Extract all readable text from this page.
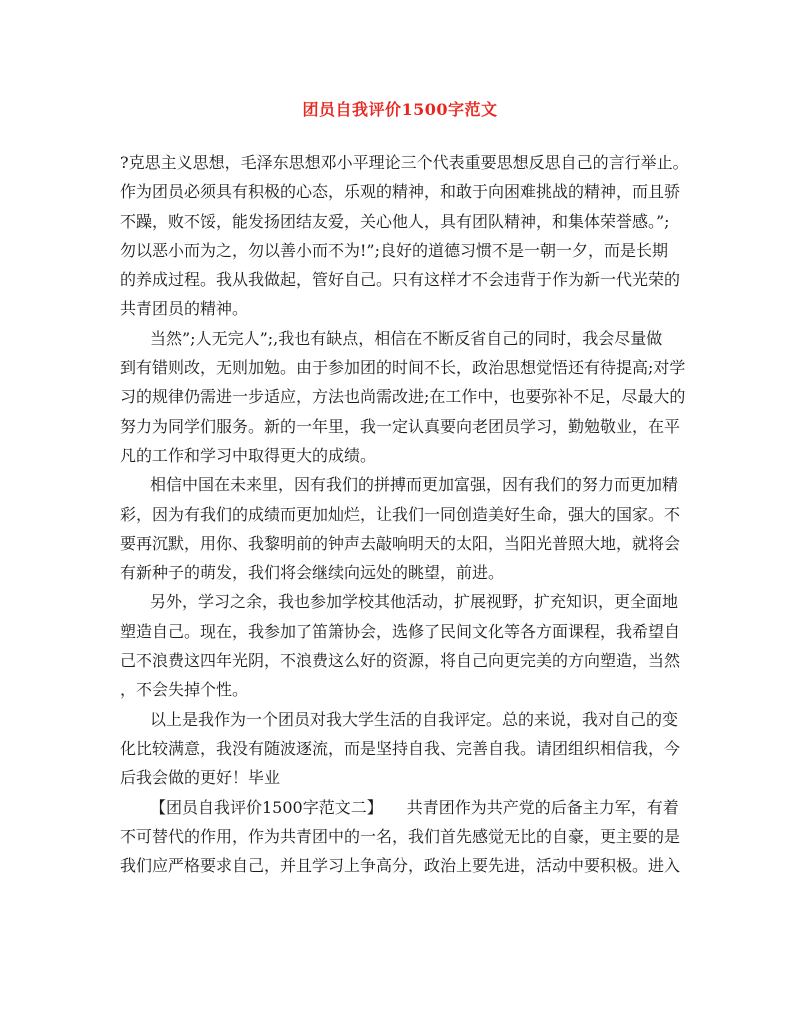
团员自我评价1500字范文
?克思主义思想，毛泽东思想邓小平理论三个代表重要思想反思自己的言行举止。
作为团员必须具有积极的心态，乐观的精神，和敢于向困难挑战的精神，而且骄
不躁，败不馁，能发扬团结友爱，关心他人，具有团队精神，和集体荣誉感。”;
勿以恶小而为之，勿以善小而不为!”;良好的道德习惯不是一朝一夕，而是长期
的养成过程。我从我做起，管好自己。只有这样才不会违背于作为新一代光荣的
共青团员的精神。
当然”;人无完人”;,我也有缺点，相信在不断反省自己的同时，我会尽量做
到有错则改，无则加勉。由于参加团的时间不长，政治思想觉悟还有待提高;对学
习的规律仍需进一步适应，方法也尚需改进;在工作中，也要弥补不足，尽最大的
努力为同学们服务。新的一年里，我一定认真要向老团员学习，勤勉敬业，在平
凡的工作和学习中取得更大的成绩。
相信中国在未来里，因有我们的拼搏而更加富强，因有我们的努力而更加精
彩，因为有我们的成绩而更加灿烂，让我们一同创造美好生命，强大的国家。不
要再沉默，用你、我黎明前的钟声去敲响明天的太阳，当阳光普照大地，就将会
有新种子的萌发，我们将会继续向远处的眺望，前进。
另外，学习之余，我也参加学校其他活动，扩展视野，扩充知识，更全面地
塑造自己。现在，我参加了笛箫协会，选修了民间文化等各方面课程，我希望自
己不浪费这四年光阴，不浪费这么好的资源，将自己向更完美的方向塑造，当然
，不会失掉个性。
以上是我作为一个团员对我大学生活的自我评定。总的来说，我对自己的变
化比较满意，我没有随波逐流，而是坚持自我、完善自我。请团组织相信我，今
后我会做的更好！毕业
【团员自我评价1500字范文二】　　共青团作为共产党的后备主力军，有着
不可替代的作用，作为共青团中的一名，我们首先感觉无比的自豪，更主要的是
我们应严格要求自己，并且学习上争高分，政治上要先进，活动中要积极。进入
